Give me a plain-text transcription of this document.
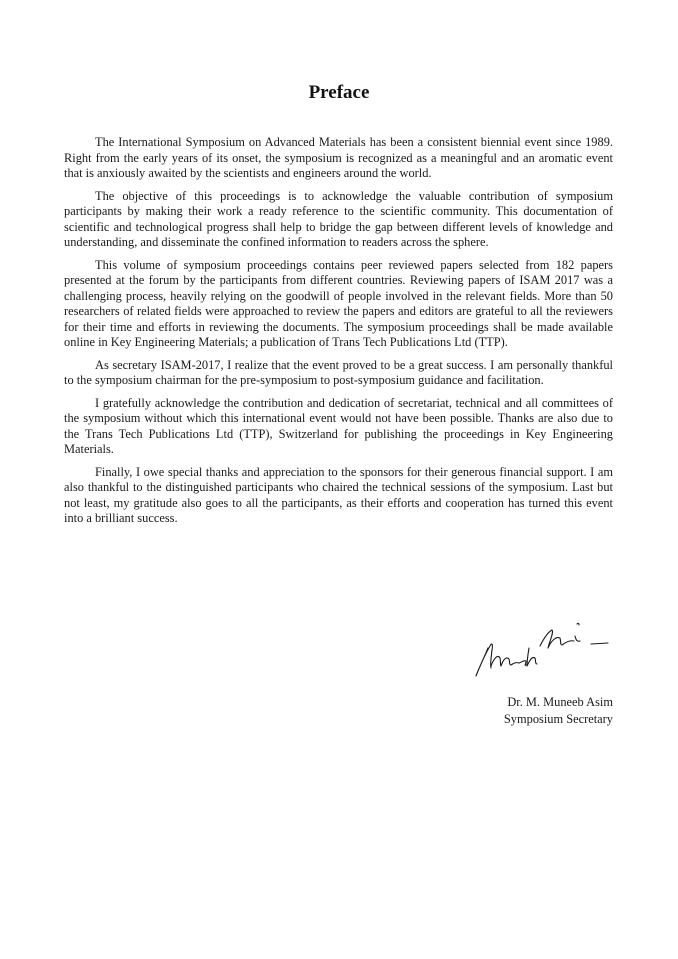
Preface

The International Symposium on Advanced Materials has been a consistent biennial event since 1989. Right from the early years of its onset, the symposium is recognized as a meaningful and an aromatic event that is anxiously awaited by the scientists and engineers around the world.

The objective of this proceedings is to acknowledge the valuable contribution of symposium participants by making their work a ready reference to the scientific community. This documentation of scientific and technological progress shall help to bridge the gap between different levels of knowledge and understanding, and disseminate the confined information to readers across the sphere.

This volume of symposium proceedings contains peer reviewed papers selected from 182 papers presented at the forum by the participants from different countries. Reviewing papers of ISAM 2017 was a challenging process, heavily relying on the goodwill of people involved in the relevant fields. More than 50 researchers of related fields were approached to review the papers and editors are grateful to all the reviewers for their time and efforts in reviewing the documents. The symposium proceedings shall be made available online in Key Engineering Materials; a publication of Trans Tech Publications Ltd (TTP).

As secretary ISAM-2017, I realize that the event proved to be a great success. I am personally thankful to the symposium chairman for the pre-symposium to post-symposium guidance and facilitation.

I gratefully acknowledge the contribution and dedication of secretariat, technical and all committees of the symposium without which this international event would not have been possible. Thanks are also due to the Trans Tech Publications Ltd (TTP), Switzerland for publishing the proceedings in Key Engineering Materials.

Finally, I owe special thanks and appreciation to the sponsors for their generous financial support. I am also thankful to the distinguished participants who chaired the technical sessions of the symposium. Last but not least, my gratitude also goes to all the participants, as their efforts and cooperation has turned this event into a brilliant success.

Dr. M. Muneeb Asim
Symposium Secretary
